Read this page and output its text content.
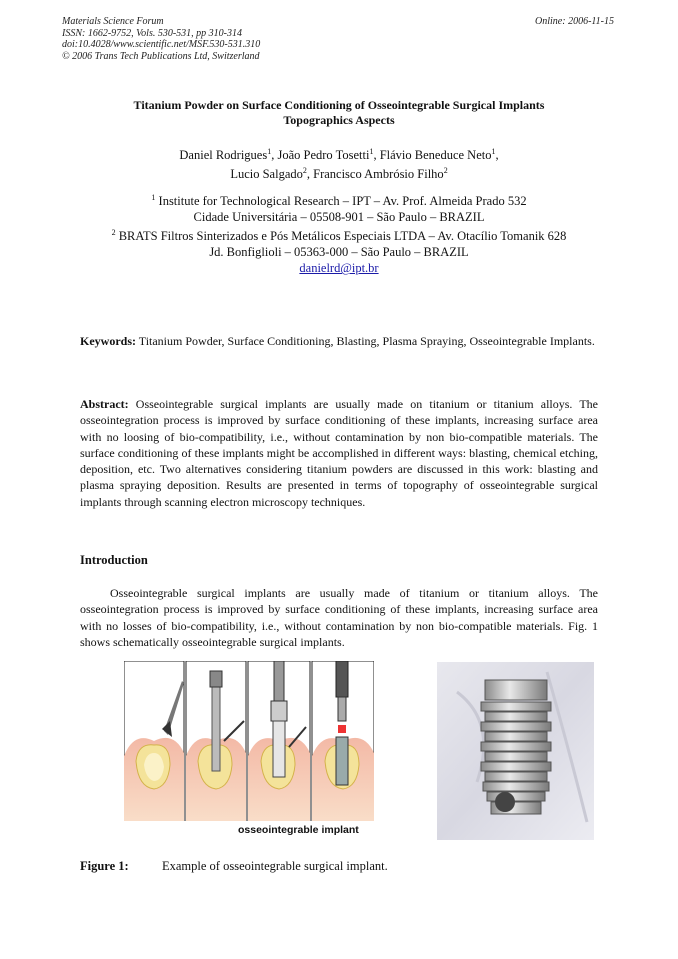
Materials Science Forum
ISSN: 1662-9752, Vols. 530-531, pp 310-314
doi:10.4028/www.scientific.net/MSF.530-531.310
© 2006 Trans Tech Publications Ltd, Switzerland
Online: 2006-11-15
Titanium Powder on Surface Conditioning of Osseointegrable Surgical Implants
Topographics Aspects
Daniel Rodrigues$^1$, João Pedro Tosetti$^1$, Flávio Beneduce Neto$^1$,
Lucio Salgado$^2$, Francisco Ambrósio Filho$^2$
$^1$ Institute for Technological Research – IPT – Av. Prof. Almeida Prado 532
Cidade Universitária – 05508-901 – São Paulo – BRAZIL
$^2$ BRATS Filtros Sinterizados e Pós Metálicos Especiais LTDA – Av. Otacílio Tomanik 628
Jd. Bonfiglioli – 05363-000 – São Paulo – BRAZIL
danielrd@ipt.br
Keywords: Titanium Powder, Surface Conditioning, Blasting, Plasma Spraying, Osseointegrable Implants.
Abstract: Osseointegrable surgical implants are usually made on titanium or titanium alloys. The osseointegration process is improved by surface conditioning of these implants, increasing surface area with no loosing of bio-compatibility, i.e., without contamination by non bio-compatible materials. The surface conditioning of these implants might be accomplished in different ways: blasting, chemical etching, deposition, etc. Two alternatives considering titanium powders are discussed in this work: blasting and plasma spraying deposition. Results are presented in terms of topography of osseointegrable surgical implants through scanning electron microscopy techniques.
Introduction
Osseointegrable surgical implants are usually made of titanium or titanium alloys. The osseointegration process is improved by surface conditioning of these implants, increasing surface area with no losses of bio-compatibility, i.e., without contamination by non bio-compatible materials. Fig. 1 shows schematically osseointegrable surgical implants.
osseointegrable implant
Figure 1:	Example of osseointegrable surgical implant.
